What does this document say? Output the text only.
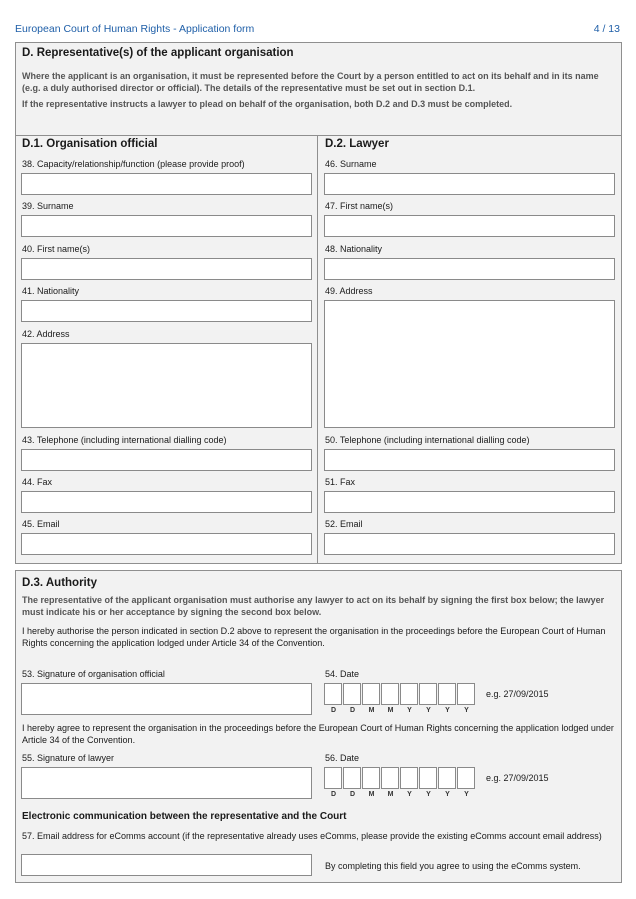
European Court of Human Rights - Application form	4 / 13
D. Representative(s) of the applicant organisation
Where the applicant is an organisation, it must be represented before the Court by a person entitled to act on its behalf and in its name (e.g. a duly authorised director or official). The details of the representative must be set out in section D.1.
If the representative instructs a lawyer to plead on behalf of the organisation, both D.2 and D.3 must be completed.
D.1. Organisation official
38. Capacity/relationship/function (please provide proof)
39. Surname
40. First name(s)
41. Nationality
42. Address
43. Telephone (including international dialling code)
44. Fax
45. Email
D.2. Lawyer
46. Surname
47. First name(s)
48. Nationality
49. Address
50. Telephone (including international dialling code)
51. Fax
52. Email
D.3. Authority
The representative of the applicant organisation must authorise any lawyer to act on its behalf by signing the first box below; the lawyer must indicate his or her acceptance by signing the second box below.
I hereby authorise the person indicated in section D.2 above to represent the organisation in the proceedings before the European Court of Human Rights concerning the application lodged under Article 34 of the Convention.
53. Signature of organisation official	54. Date
D	D	M	M	Y	Y	Y	Y
e.g. 27/09/2015
I hereby agree to represent the organisation in the proceedings before the European Court of Human Rights concerning the application lodged under Article 34 of the Convention.
55. Signature of lawyer	56. Date
D	D	M	M	Y	Y	Y	Y
e.g. 27/09/2015
Electronic communication between the representative and the Court
57. Email address for eComms account (if the representative already uses eComms, please provide the existing eComms account email address)
By completing this field you agree to using the eComms system.
